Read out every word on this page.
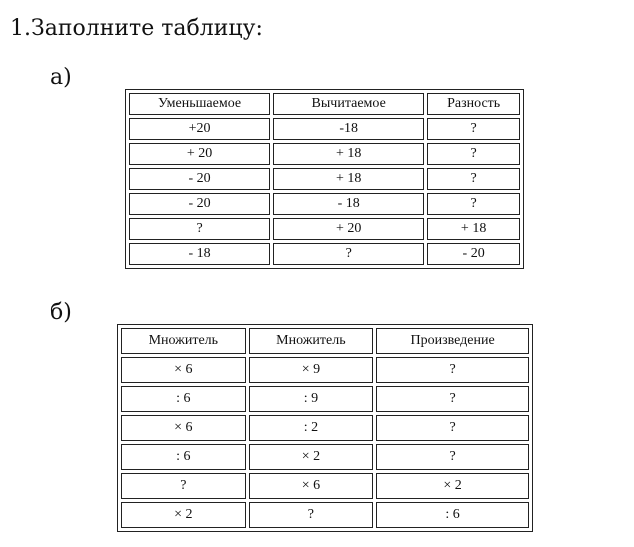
1.Заполните таблицу:
а)
Уменьшаемое	Вычитаемое	Разность
+20	-18	?
+ 20	+ 18	?
- 20	+ 18	?
- 20	- 18	?
?	+ 20	+ 18
- 18	?	- 20
б)
Множитель	Множитель	Произведение
× 6	× 9	?
: 6	: 9	?
× 6	: 2	?
: 6	× 2	?
?	× 6	× 2
× 2	?	: 6
